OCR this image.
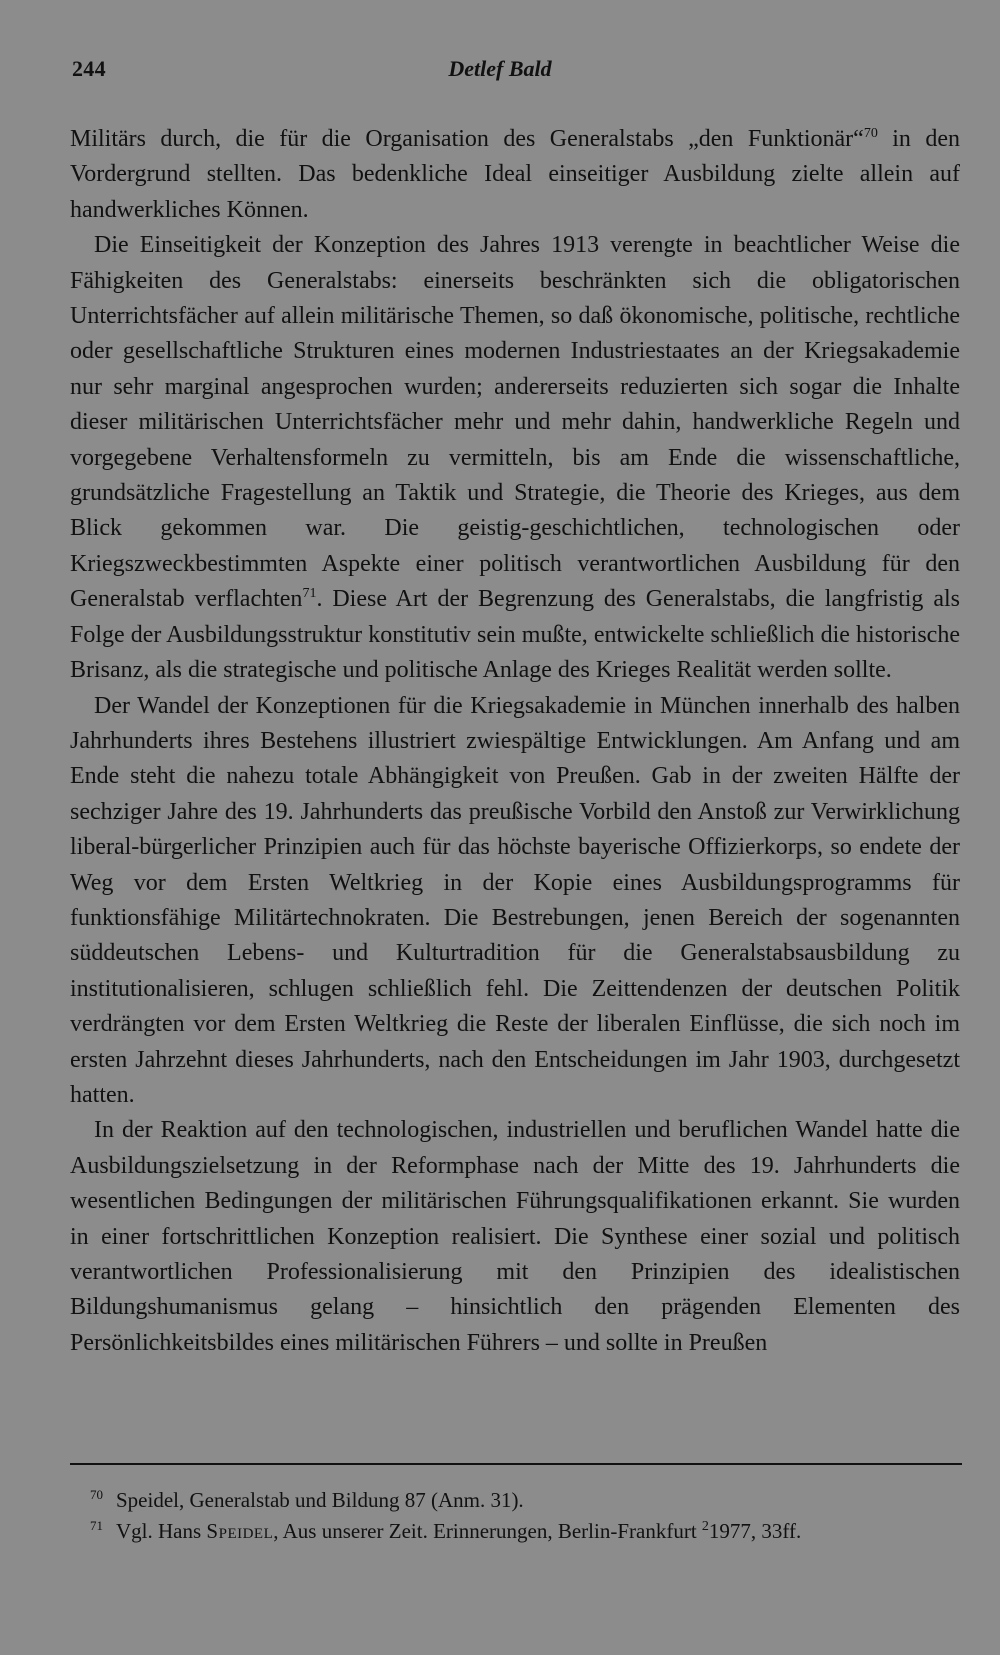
244	Detlef Bald

Militärs durch, die für die Organisation des Generalstabs „den Funktionär“$^{70}$ in den Vordergrund stellten. Das bedenkliche Ideal einseitiger Ausbildung zielte allein auf handwerkliches Können.

Die Einseitigkeit der Konzeption des Jahres 1913 verengte in beachtlicher Weise die Fähigkeiten des Generalstabs: einerseits beschränkten sich die obligatorischen Unterrichtsfächer auf allein militärische Themen, so daß ökonomische, politische, rechtliche oder gesellschaftliche Strukturen eines modernen Industriestaates an der Kriegsakademie nur sehr marginal angesprochen wurden; andererseits reduzierten sich sogar die Inhalte dieser militärischen Unterrichtsfächer mehr und mehr dahin, handwerkliche Regeln und vorgegebene Verhaltensformeln zu vermitteln, bis am Ende die wissenschaftliche, grundsätzliche Fragestellung an Taktik und Strategie, die Theorie des Krieges, aus dem Blick gekommen war. Die geistig-geschichtlichen, technologischen oder Kriegszweckbestimmten Aspekte einer politisch verantwortlichen Ausbildung für den Generalstab verflachten$^{71}$. Diese Art der Begrenzung des Generalstabs, die langfristig als Folge der Ausbildungsstruktur konstitutiv sein mußte, entwickelte schließlich die historische Brisanz, als die strategische und politische Anlage des Krieges Realität werden sollte.

Der Wandel der Konzeptionen für die Kriegsakademie in München innerhalb des halben Jahrhunderts ihres Bestehens illustriert zwiespältige Entwicklungen. Am Anfang und am Ende steht die nahezu totale Abhängigkeit von Preußen. Gab in der zweiten Hälfte der sechziger Jahre des 19. Jahrhunderts das preußische Vorbild den Anstoß zur Verwirklichung liberal-bürgerlicher Prinzipien auch für das höchste bayerische Offizierkorps, so endete der Weg vor dem Ersten Weltkrieg in der Kopie eines Ausbildungsprogramms für funktionsfähige Militärtechnokraten. Die Bestrebungen, jenen Bereich der sogenannten süddeutschen Lebens- und Kulturtradition für die Generalstabsausbildung zu institutionalisieren, schlugen schließlich fehl. Die Zeittendenzen der deutschen Politik verdrängten vor dem Ersten Weltkrieg die Reste der liberalen Einflüsse, die sich noch im ersten Jahrzehnt dieses Jahrhunderts, nach den Entscheidungen im Jahr 1903, durchgesetzt hatten.

In der Reaktion auf den technologischen, industriellen und beruflichen Wandel hatte die Ausbildungszielsetzung in der Reformphase nach der Mitte des 19. Jahrhunderts die wesentlichen Bedingungen der militärischen Führungsqualifikationen erkannt. Sie wurden in einer fortschrittlichen Konzeption realisiert. Die Synthese einer sozial und politisch verantwortlichen Professionalisierung mit den Prinzipien des idealistischen Bildungshumanismus gelang – hinsichtlich den prägenden Elementen des Persönlichkeitsbildes eines militärischen Führers – und sollte in Preußen

70 Speidel, Generalstab und Bildung 87 (Anm. 31).

71 Vgl. Hans Speidel, Aus unserer Zeit. Erinnerungen, Berlin-Frankfurt $^2$1977, 33ff.
